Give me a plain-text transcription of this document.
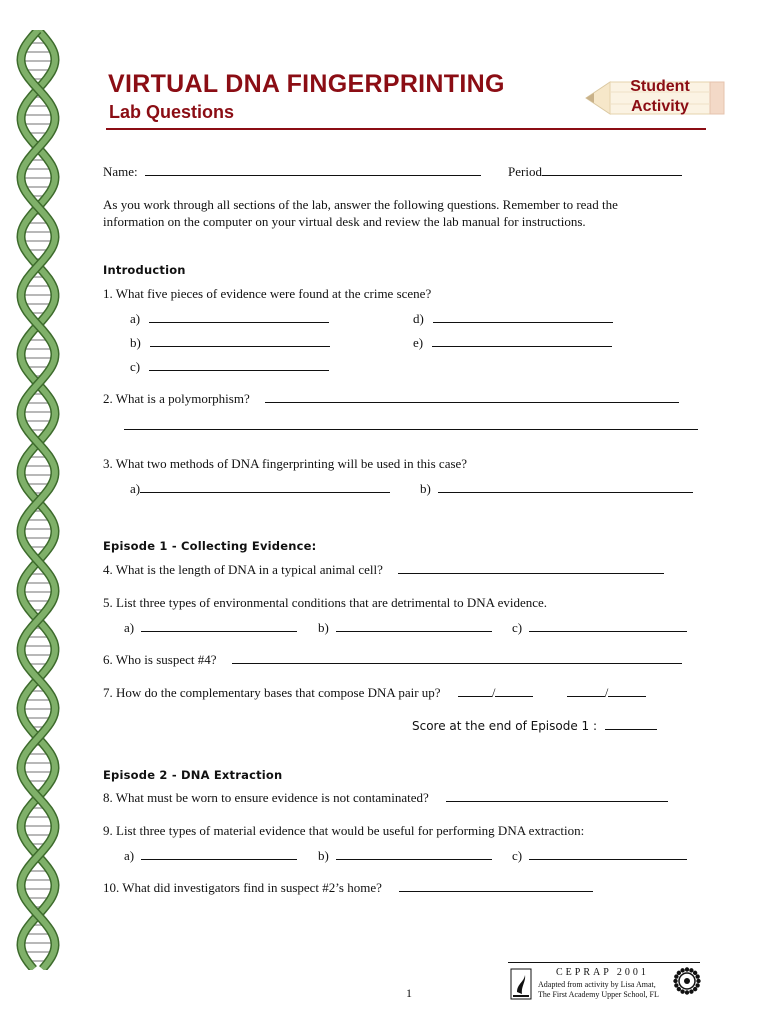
VIRTUAL DNA FINGERPRINTING
Lab Questions
Student
Activity
Name:	Period
As you work through all sections of the lab, answer the following questions. Remember to read the information on the computer on your virtual desk and review the lab manual for instructions.
Introduction
1. What five pieces of evidence were found at the crime scene?
a)	d)
b)	e)
c)
2. What is a polymorphism?
3. What two methods of DNA fingerprinting will be used in this case?
a)	b)
Episode 1 - Collecting Evidence:
4. What is the length of DNA in a typical animal cell?
5. List three types of environmental conditions that are detrimental to DNA evidence.
a)	b)	c)
6. Who is suspect #4?
7. How do the complementary bases that compose DNA pair up?	/	/
Score at the end of Episode 1 :
Episode 2 - DNA Extraction
8. What must be worn to ensure evidence is not contaminated?
9. List three types of material evidence that would be useful for performing DNA extraction:
a)	b)	c)
10. What did investigators find in suspect #2’s home?
1
CEPRAP 2001
Adapted from activity by Lisa Amat,
The First Academy Upper School, FL
